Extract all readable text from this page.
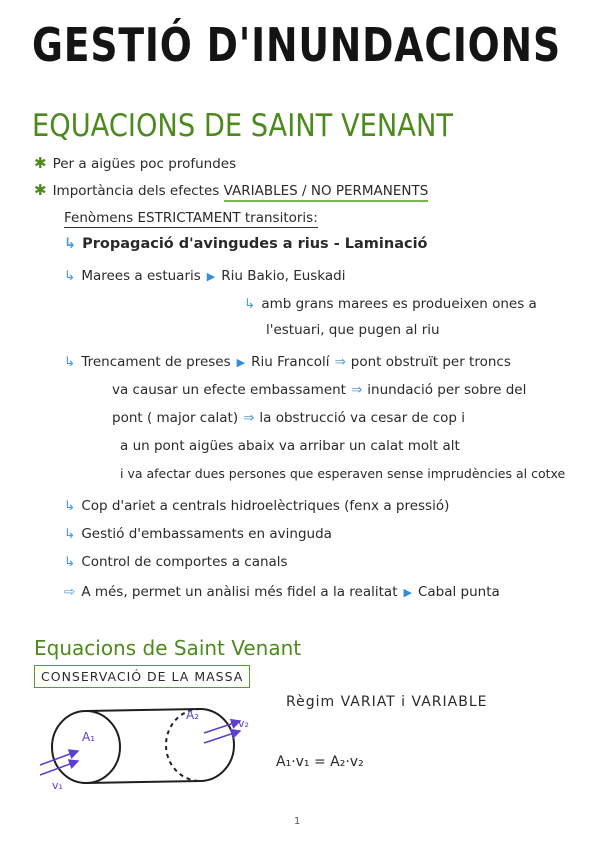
GESTIÓ D'INUNDACIONS
EQUACIONS DE SAINT VENANT
✱ Per a aigües poc profundes
✱ Importància dels efectes VARIABLES / NO PERMANENTS
Fenòmens ESTRICTAMENT transitoris:
↳ Propagació d'avingudes a rius - Laminació
↳ Marees a estuaris ▶ Riu Bakio, Euskadi
↳ amb grans marees es produeixen ones a
l'estuari, que pugen al riu
↳ Trencament de preses ▶ Riu Francolí ⇒ pont obstruït per troncs
va causar un efecte embassament ⇒ inundació per sobre del
pont ( major calat) ⇒ la obstrucció va cesar de cop i
a un pont aigües abaix va arribar un calat molt alt
i va afectar dues persones que esperaven sense imprudències al cotxe
↳ Cop d'ariet a centrals hidroelèctriques (fenx a pressió)
↳ Gestió d'embassaments en avinguda
↳ Control de comportes a canals
⇨ A més, permet un anàlisi més fidel a la realitat ▶ Cabal punta
Equacions de Saint Venant
CONSERVACIÓ DE LA MASSA
Règim VARIAT i VARIABLE
A₁·v₁ = A₂·v₂
A₁
A₂
v₁
v₂
1
